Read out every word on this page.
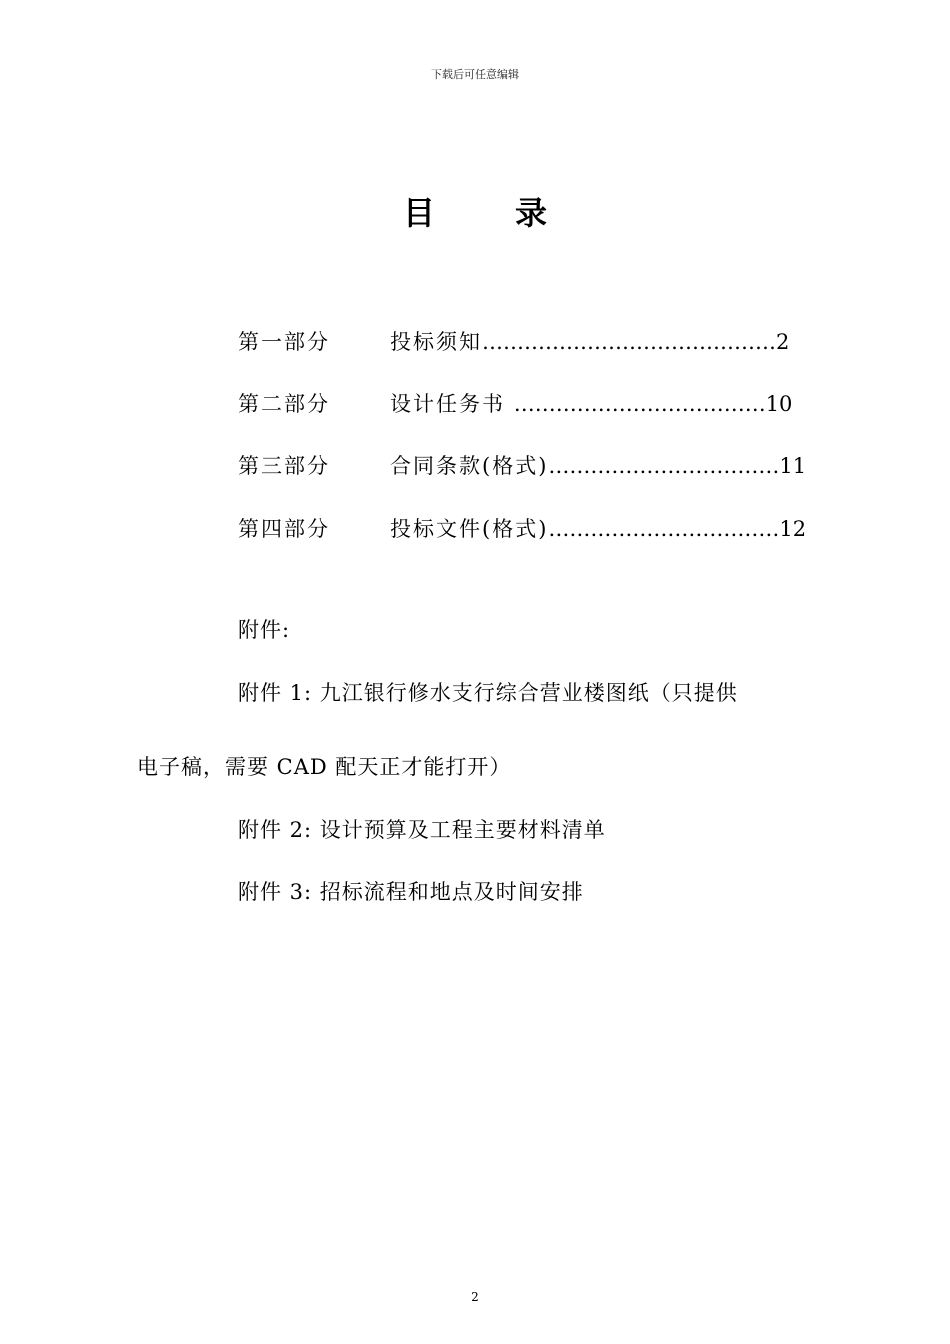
下载后可任意编辑
目	录
第一部分	投标须知……………………………………2
第二部分	设计任务书 ………………………………10
第三部分	合同条款(格式)……………………………11
第四部分	投标文件(格式)……………………………12
附件:
附件 1: 九江银行修水支行综合营业楼图纸（只提供
电子稿，需要 CAD 配天正才能打开）
附件 2: 设计预算及工程主要材料清单
附件 3: 招标流程和地点及时间安排
2
